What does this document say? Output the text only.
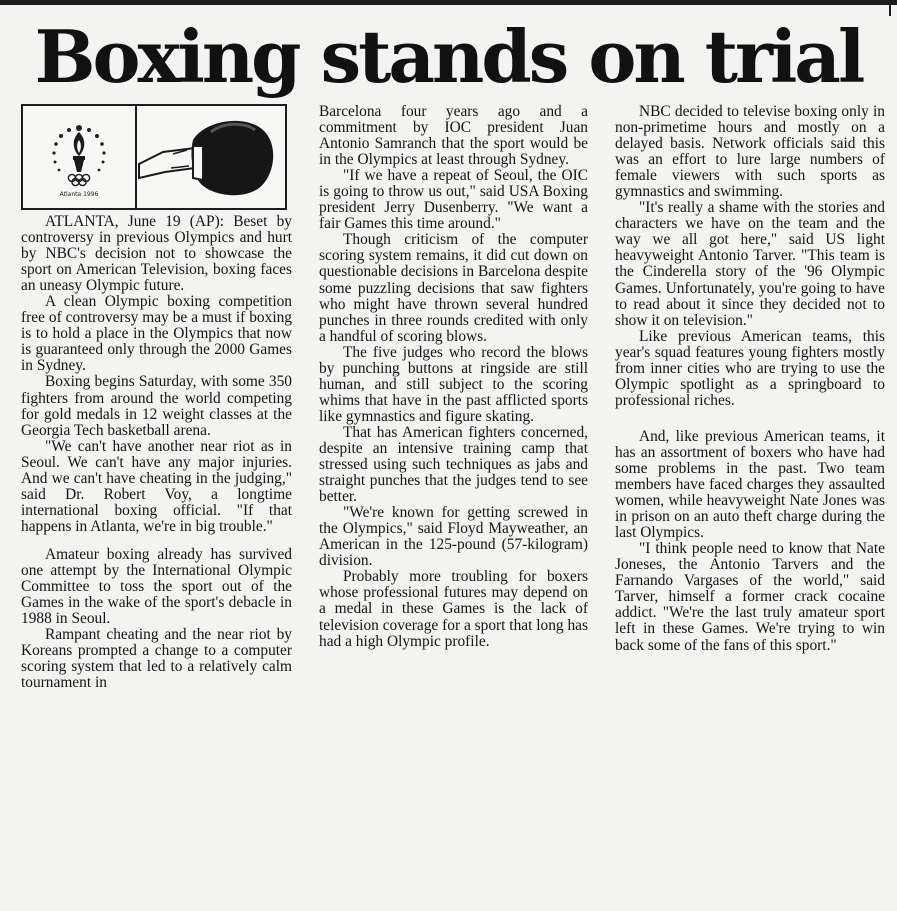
Boxing stands on trial
Atlanta 1996

ATLANTA, June 19 (AP): Beset by controversy in previous Olympics and hurt by NBC's decision not to showcase the sport on American Television, boxing faces an uneasy Olympic future.

A clean Olympic boxing competition free of controversy may be a must if boxing is to hold a place in the Olympics that now is guaranteed only through the 2000 Games in Sydney.

Boxing begins Saturday, with some 350 fighters from around the world competing for gold medals in 12 weight classes at the Georgia Tech basketball arena.

"We can't have another near riot as in Seoul. We can't have any major injuries. And we can't have cheating in the judging," said Dr. Robert Voy, a longtime international boxing official. "If that happens in Atlanta, we're in big trouble."

Amateur boxing already has survived one attempt by the International Olympic Committee to toss the sport out of the Games in the wake of the sport's debacle in 1988 in Seoul.

Rampant cheating and the near riot by Koreans prompted a change to a computer scoring system that led to a relatively calm tournament in

Barcelona four years ago and a commitment by IOC president Juan Antonio Samranch that the sport would be in the Olympics at least through Sydney.

"If we have a repeat of Seoul, the OIC is going to throw us out," said USA Boxing president Jerry Dusenberry. "We want a fair Games this time around."

Though criticism of the computer scoring system remains, it did cut down on questionable decisions in Barcelona despite some puzzling decisions that saw fighters who might have thrown several hundred punches in three rounds credited with only a handful of scoring blows.

The five judges who record the blows by punching buttons at ringside are still human, and still subject to the scoring whims that have in the past afflicted sports like gymnastics and figure skating.

That has American fighters concerned, despite an intensive training camp that stressed using such techniques as jabs and straight punches that the judges tend to see better.

"We're known for getting screwed in the Olympics," said Floyd Mayweather, an American in the 125-pound (57-kilogram) division.

Probably more troubling for boxers whose professional futures may depend on a medal in these Games is the lack of television coverage for a sport that long has had a high Olympic profile.

NBC decided to televise boxing only in non-primetime hours and mostly on a delayed basis. Network officials said this was an effort to lure large numbers of female viewers with such sports as gymnastics and swimming.

"It's really a shame with the stories and characters we have on the team and the way we all got here," said US light heavyweight Antonio Tarver. "This team is the Cinderella story of the '96 Olympic Games. Unfortunately, you're going to have to read about it since they decided not to show it on television."

Like previous American teams, this year's squad features young fighters mostly from inner cities who are trying to use the Olympic spotlight as a springboard to professional riches.

And, like previous American teams, it has an assortment of boxers who have had some problems in the past. Two team members have faced charges they assaulted women, while heavyweight Nate Jones was in prison on an auto theft charge during the last Olympics.

"I think people need to know that Nate Joneses, the Antonio Tarvers and the Farnando Vargases of the world," said Tarver, himself a former crack cocaine addict. "We're the last truly amateur sport left in these Games. We're trying to win back some of the fans of this sport."
